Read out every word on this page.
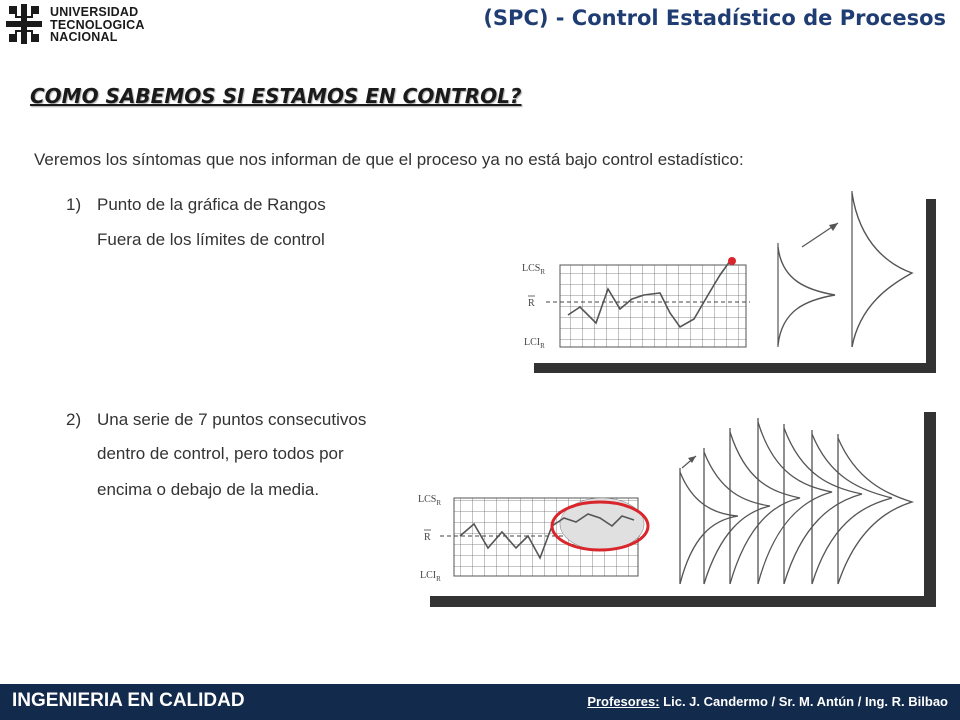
UNIVERSIDAD
TECNOLOGICA
NACIONAL
(SPC) - Control Estadístico de Procesos
COMO SABEMOS SI ESTAMOS EN CONTROL?
Veremos los síntomas que nos informan de que el proceso ya no está bajo control estadístico:
1) Punto de la gráfica de Rangos
Fuera de los límites de control
2) Una serie de 7 puntos consecutivos
dentro de control, pero todos por
encima o debajo de la media.
$LCS_R$
R
$LCI_R$
$LCS_R$
R
$LCI_R$
INGENIERIA EN CALIDAD	Profesores: Lic. J. Candermo / Sr. M. Antún / Ing. R. Bilbao
